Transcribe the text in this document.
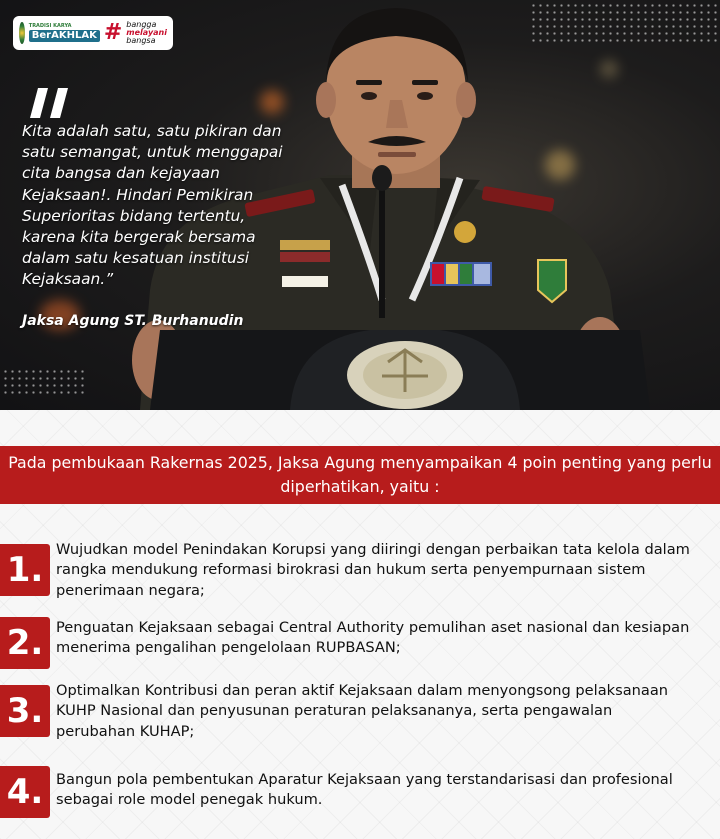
TRADISI KARYA
BerAKHLAK # bangga
melayani
bangsa
Kita adalah satu, satu pikiran dan satu semangat, untuk menggapai cita bangsa dan kejayaan Kejaksaan!. Hindari Pemikiran Superioritas bidang tertentu, karena kita bergerak bersama dalam satu kesatuan institusi Kejaksaan.”
Jaksa Agung ST. Burhanudin
Pada pembukaan Rakernas 2025, Jaksa Agung menyampaikan 4 poin penting yang perlu diperhatikan, yaitu :
1.
Wujudkan model Penindakan Korupsi yang diiringi dengan perbaikan tata kelola dalam rangka mendukung reformasi birokrasi dan hukum serta penyempurnaan sistem penerimaan negara;
2. Penguatan Kejaksaan sebagai Central Authority pemulihan aset nasional dan kesiapan menerima pengalihan pengelolaan RUPBASAN;
3.
Optimalkan Kontribusi dan peran aktif Kejaksaan dalam menyongsong pelaksanaan KUHP Nasional dan penyusunan peraturan pelaksananya, serta pengawalan perubahan KUHAP;
4. Bangun pola pembentukan Aparatur Kejaksaan yang terstandarisasi dan profesional sebagai role model penegak hukum.
